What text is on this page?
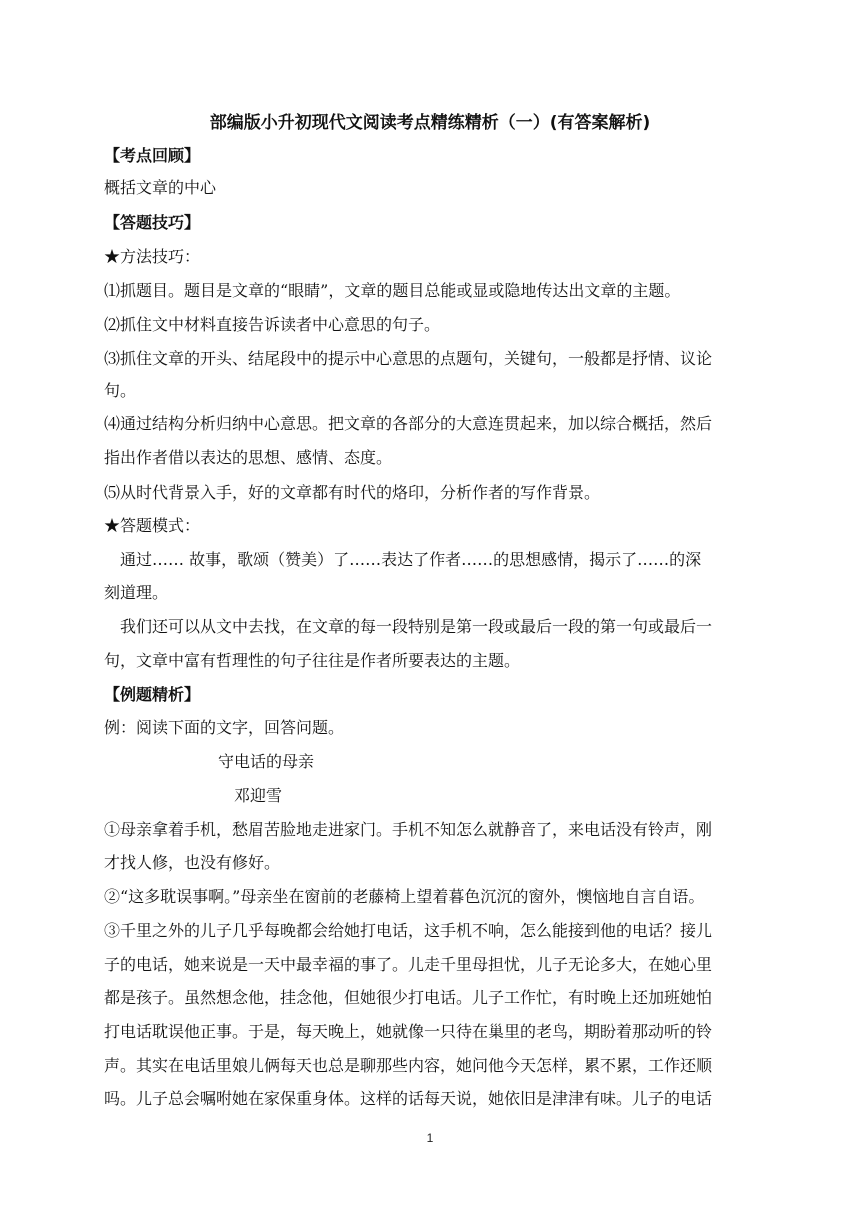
部编版小升初现代文阅读考点精练精析（一）(有答案解析)
【考点回顾】
概括文章的中心
【答题技巧】
★方法技巧：
⑴抓题目。题目是文章的“眼睛”，文章的题目总能或显或隐地传达出文章的主题。
⑵抓住文中材料直接告诉读者中心意思的句子。
⑶抓住文章的开头、结尾段中的提示中心意思的点题句，关键句，一般都是抒情、议论
句。
⑷通过结构分析归纳中心意思。把文章的各部分的大意连贯起来，加以综合概括，然后
指出作者借以表达的思想、感情、态度。
⑸从时代背景入手，好的文章都有时代的烙印，分析作者的写作背景。
★答题模式：
通过…… 故事，歌颂（赞美）了……表达了作者……的思想感情，揭示了……的深
刻道理。
我们还可以从文中去找，在文章的每一段特别是第一段或最后一段的第一句或最后一
句，文章中富有哲理性的句子往往是作者所要表达的主题。
【例题精析】
例：阅读下面的文字，回答问题。
守电话的母亲
邓迎雪
①母亲拿着手机，愁眉苦脸地走进家门。手机不知怎么就静音了，来电话没有铃声，刚
才找人修，也没有修好。
②“这多耽误事啊。”母亲坐在窗前的老藤椅上望着暮色沉沉的窗外，懊恼地自言自语。
③千里之外的儿子几乎每晚都会给她打电话，这手机不响，怎么能接到他的电话？接儿
子的电话，她来说是一天中最幸福的事了。儿走千里母担忧，儿子无论多大，在她心里
都是孩子。虽然想念他，挂念他，但她很少打电话。儿子工作忙，有时晚上还加班她怕
打电话耽误他正事。于是，每天晚上，她就像一只待在巢里的老鸟，期盼着那动听的铃
声。其实在电话里娘儿俩每天也总是聊那些内容，她问他今天怎样，累不累，工作还顺
吗。儿子总会嘱咐她在家保重身体。这样的话每天说，她依旧是津津有味。儿子的电话
1
